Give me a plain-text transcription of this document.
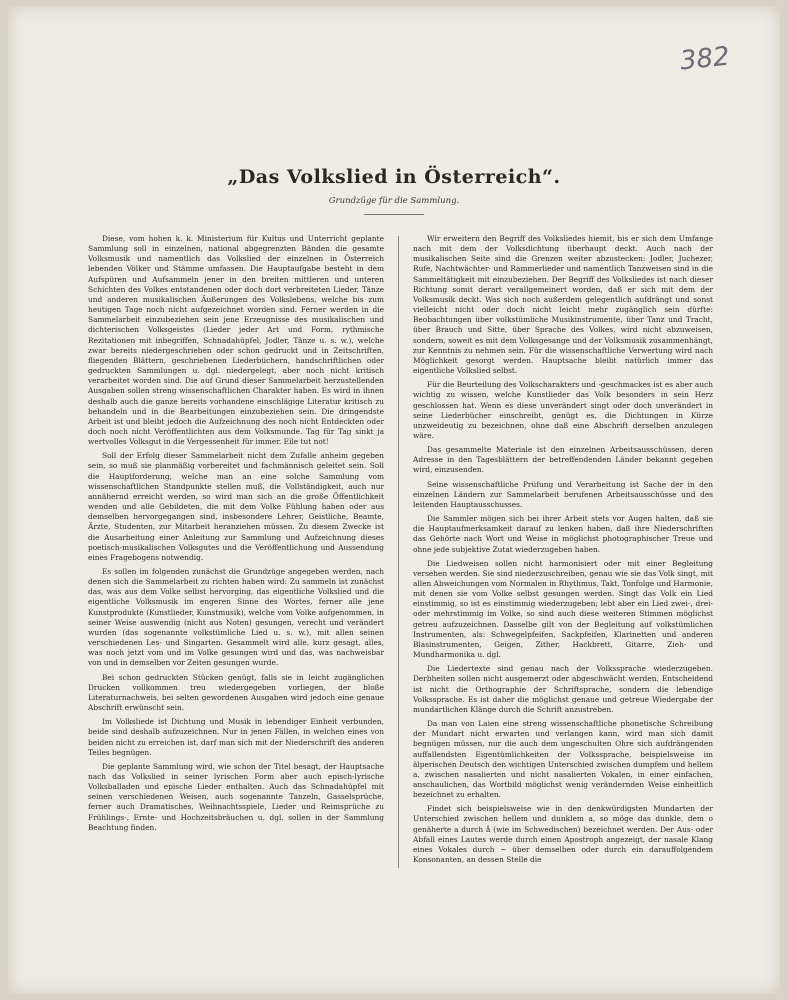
382
„Das Volkslied in Österreich“.
Grundzüge für die Sammlung.

Diese, vom hohen k. k. Ministerium für Kultus und Unterricht geplante Sammlung soll in einzelnen, national abgegrenzten Bänden die gesamte Volksmusik und namentlich das Volkslied der einzelnen in Österreich lebenden Völker und Stämme umfassen. Die Hauptaufgabe besteht in dem Aufspüren und Aufsammeln jener in den breiten mittleren und unteren Schichten des Volkes entstandenen oder doch dort verbreiteten Lieder, Tänze und anderen musikalischen Äußerungen des Volkslebens, welche bis zum heutigen Tage noch nicht aufgezeichnet worden sind. Ferner werden in die Sammelarbeit einzubeziehen sein jene Erzeugnisse des musikalischen und dichterischen Volksgeistes (Lieder jeder Art und Form, rythmische Rezitationen mit inbegriffen, Schnadahüpfel, Jodler, Tänze u. s. w.), welche zwar bereits niedergeschrieben oder schon gedruckt und in Zeitschriften, fliegenden Blättern, geschriebenen Liederbüchern, handschriftlichen oder gedruckten Sammlungen u. dgl. niedergelegt, aber noch nicht kritisch verarbeitet worden sind. Die auf Grund dieser Sammelarbeit herzustellenden Ausgaben sollen streng wissenschaftlichen Charakter haben. Es wird in ihnen deshalb auch die ganze bereits vorhandene einschlägige Literatur kritisch zu behandeln und in die Bearbeitungen einzubeziehen sein. Die dringendste Arbeit ist und bleibt jedoch die Aufzeichnung des noch nicht Entdeckten oder doch noch nicht Veröffentlichten aus dem Volksmunde. Tag für Tag sinkt ja wertvolles Volksgut in die Vergessenheit für immer. Eile tut not!

Soll der Erfolg dieser Sammelarbeit nicht dem Zufalle anheim gegeben sein, so muß sie planmäßig vorbereitet und fachmännisch geleitet sein. Soll die Hauptforderung, welche man an eine solche Sammlung vom wissenschaftlichen Standpunkte stellen muß, die Vollständigkeit, auch nur annähernd erreicht werden, so wird man sich an die große Öffentlichkeit wenden und alle Gebildeten, die mit dem Volke Fühlung haben oder aus demselben hervorgegangen sind, insbesondere Lehrer, Geistliche, Beamte, Ärzte, Studenten, zur Mitarbeit heranziehen müssen. Zu diesem Zwecke ist die Ausarbeitung einer Anleitung zur Sammlung und Aufzeichnung dieses poetisch-musikalischen Volksgutes und die Veröffentlichung und Aussendung eines Fragebogens notwendig.

Es sollen im folgenden zunächst die Grundzüge angegeben werden, nach denen sich die Sammelarbeit zu richten haben wird: Zu sammeln ist zunächst das, was aus dem Volke selbst hervorging, das eigentliche Volkslied und die eigentliche Volksmusik im engeren Sinne des Wortes, ferner alle jene Kunstprodukte (Kunstlieder, Kunstmusik), welche vom Volke aufgenommen, in seiner Weise auswendig (nicht aus Noten) gesungen, verecht und verändert wurden (das sogenannte volkstümliche Lied u. s. w.), mit allen seinen verschiedenen Les- und Singarten. Gesammelt wird alle, kurz gesagt, alles, was noch jetzt vom und im Volke gesungen wird und das, was nachweisbar von und in demselben vor Zeiten gesungen wurde.

Bei schon gedruckten Stücken genügt, falls sie in leicht zugänglichen Drucken vollkommen treu wiedergegeben vorliegen, der bloße Literaturnachweis, bei selten gewordenen Ausgaben wird jedoch eine genaue Abschrift erwünscht sein.

Im Volksliede ist Dichtung und Musik in lebendiger Einheit verbunden, beide sind deshalb aufzuzeichnen. Nur in jenen Fällen, in welchen eines von beiden nicht zu erreichen ist, darf man sich mit der Niederschrift des anderen Teiles begnügen.

Die geplante Sammlung wird, wie schon der Titel besagt, der Hauptsache nach das Volkslied in seiner lyrischen Form aber auch episch-lyrische Volksballaden und epische Lieder enthalten. Auch das Schnadahüpfel mit seinen verschiedenen Weisen, auch sogenannte Tanzeln, Gasselsprüche, ferner auch Dramatisches, Weihnachtsspiele, Lieder und Reimsprüche zu Frühlings-, Ernte- und Hochzeitsbräuchen u. dgl. sollen in der Sammlung Beachtung finden.

Wir erweitern den Begriff des Volksliedes hiemit, bis er sich dem Umfange nach mit dem der Volksdichtung überhaupt deckt. Auch nach der musikalischen Seite sind die Grenzen weiter abzustecken: Jodler, Juchezer, Rufe, Nachtwächter- und Rammerlieder und namentlich Tanzweisen sind in die Sammeltätigkeit mit einzubeziehen. Der Begriff des Volksliedes ist nach dieser Richtung somit derart verallgemeinert worden, daß er sich mit dem der Volksmusik deckt. Was sich noch außerdem gelegentlich aufdrängt und sonst vielleicht nicht oder doch nicht leicht mehr zugänglich sein dürfte: Beobachtungen über volkstümliche Musikinstrumente, über Tanz und Tracht, über Brauch und Sitte, über Sprache des Volkes, wird nicht abzuweisen, sondern, soweit es mit dem Volksgesange und der Volksmusik zusammenhängt, zur Kenntnis zu nehmen sein. Für die wissenschaftliche Verwertung wird nach Möglichkeit gesorgt werden. Hauptsache bleibt natürlich immer das eigentliche Volkslied selbst.

Für die Beurteilung des Volkscharakters und -geschmackes ist es aber auch wichtig zu wissen, welche Kunstlieder das Volk besonders in sein Herz geschlossen hat. Wenn es diese unverändert singt oder doch unverändert in seine Liederbücher einschreibt, genügt es, die Dichtungen in Kürze unzweideutig zu bezeichnen, ohne daß eine Abschrift derselben anzulegen wäre.

Das gesammelte Materiale ist den einzelnen Arbeitsausschüssen, deren Adresse in den Tagesblättern der betreffendenden Länder bekannt gegeben wird, einzusenden.

Seine wissenschaftliche Prüfung und Verarbeitung ist Sache der in den einzelnen Ländern zur Sammelarbeit berufenen Arbeitsausschüsse und des leitenden Hauptausschusses.

Die Sammler mögen sich bei ihrer Arbeit stets vor Augen halten, daß sie die Hauptaufmerksamkeit darauf zu lenken haben, daß ihre Niederschriften das Gehörte nach Wort und Weise in möglichst photographischer Treue und ohne jede subjektive Zutat wiederzugeben haben.

Die Liedweisen sollen nicht harmonisiert oder mit einer Begleitung versehen werden. Sie sind niederzuschreiben, genau wie sie das Volk singt, mit allen Abweichungen vom Normalen in Rhythmus, Takt, Tonfolge und Harmonie, mit denen sie vom Volke selbst gesungen werden. Singt das Volk ein Lied einstimmig, so ist es einstimmig wiederzugeben; lebt aber ein Lied zwei-, drei- oder mehrstimmig im Volke, so sind auch diese weiteren Stimmen möglichst getreu aufzuzeichnen. Dasselbe gilt von der Begleitung auf volkstümlichen Instrumenten, als: Schwegelpfeifen, Sackpfeifen, Klarinetten und anderen Blasinstrumenten, Geigen, Zither, Hackbrett, Gitarre, Zieh- und Mundharmonika u. dgl.

Die Liedertexte sind genau nach der Volkssprache wiederzugeben. Derbheiten sollen nicht ausgemerzt oder abgeschwächt werden. Entscheidend ist nicht die Orthographie der Schriftsprache, sondern die lebendige Volkssprache. Es ist daher die möglichst genaue und getreue Wiedergabe der mundartlichen Klänge durch die Schrift anzustreben.

Da man von Laien eine streng wissenschaftliche phonetische Schreibung der Mundart nicht erwarten und verlangen kann, wird man sich damit begnügen müssen, nur die auch dem ungeschulten Ohre sich aufdrängenden auffallendsten Eigentümlichkeiten der Volkssprache, beispielsweise im älperischen Deutsch den wichtigen Unterschied zwischen dumpfem und hellem a, zwischen nasalierten und nicht nasalierten Vokalen, in einer einfachen, anschaulichen, das Wortbild möglichst wenig verändernden Weise einheitlich bezeichnet zu erhalten.

Findet sich beispielsweise wie in den denkwürdigsten Mundarten der Unterschied zwischen hellem und dunklem a, so möge das dunkle, dem o genäherte a durch å (wie im Schwedischen) bezeichnet werden. Der Aus- oder Abfall eines Lautes werde durch einen Apostroph angezeigt, der nasale Klang eines Vokales durch ~ über demselben oder durch ein darauffolgendem Konsonanten, an dessen Stelle die
